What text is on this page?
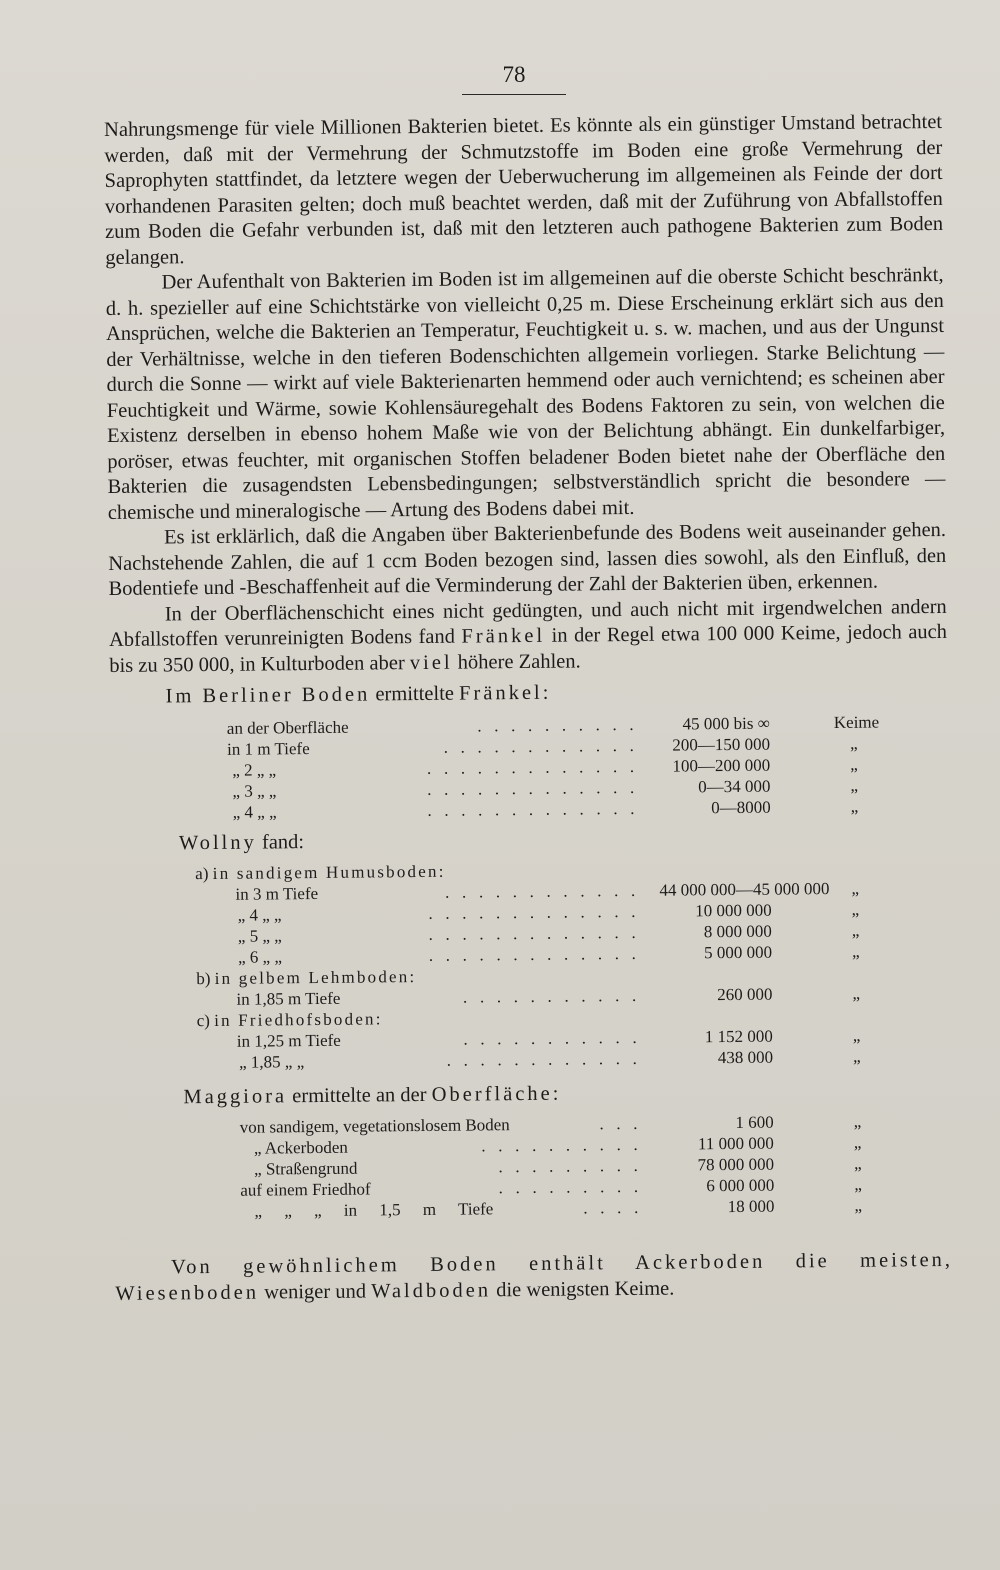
78

Nahrungsmenge für viele Millionen Bakterien bietet. Es könnte als ein günstiger Umstand betrachtet werden, daß mit der Vermehrung der Schmutzstoffe im Boden eine große Vermehrung der Saprophyten stattfindet, da letztere wegen der Ueberwucherung im allgemeinen als Feinde der dort vorhandenen Parasiten gelten; doch muß beachtet werden, daß mit der Zuführung von Abfallstoffen zum Boden die Gefahr verbunden ist, daß mit den letzteren auch pathogene Bakterien zum Boden gelangen.

Der Aufenthalt von Bakterien im Boden ist im allgemeinen auf die oberste Schicht beschränkt, d. h. spezieller auf eine Schichtstärke von vielleicht 0,25 m. Diese Erscheinung erklärt sich aus den Ansprüchen, welche die Bakterien an Temperatur, Feuchtigkeit u. s. w. machen, und aus der Ungunst der Verhältnisse, welche in den tieferen Bodenschichten allgemein vorliegen. Starke Belichtung — durch die Sonne — wirkt auf viele Bakterienarten hemmend oder auch vernichtend; es scheinen aber Feuchtigkeit und Wärme, sowie Kohlensäuregehalt des Bodens Faktoren zu sein, von welchen die Existenz derselben in ebenso hohem Maße wie von der Belichtung abhängt. Ein dunkelfarbiger, poröser, etwas feuchter, mit organischen Stoffen beladener Boden bietet nahe der Oberfläche den Bakterien die zusagendsten Lebensbedingungen; selbstverständlich spricht die besondere — chemische und mineralogische — Artung des Bodens dabei mit.

Es ist erklärlich, daß die Angaben über Bakterienbefunde des Bodens weit auseinander gehen. Nachstehende Zahlen, die auf 1 ccm Boden bezogen sind, lassen dies sowohl, als den Einfluß, den Bodentiefe und -Beschaffenheit auf die Verminderung der Zahl der Bakterien üben, erkennen.

In der Oberflächenschicht eines nicht gedüngten, und auch nicht mit irgendwelchen andern Abfallstoffen verunreinigten Bodens fand Fränkel in der Regel etwa 100 000 Keime, jedoch auch bis zu 350 000, in Kulturboden aber viel höhere Zahlen.

Im Berliner Boden ermittelte Fränkel:
an der Oberfläche	. . . . . . . . . .	45 000 bis ∞	Keime
in 1 m Tiefe	. . . . . . . . . . . . 200—150 000	„
„ 2 „ „	. . . . . . . . . . . . . 100—200 000	„
„ 3 „ „	. . . . . . . . . . . . .	0—34 000	„
„ 4 „ „	. . . . . . . . . . . . .	0—8000	„
Wollny fand:
a) in sandigem Humusboden:
in 3 m Tiefe	. . . . . . . . . . . . 44 000 000—45 000 000 „
„ 4 „ „	. . . . . . . . . . . . .	10 000 000	„
„ 5 „ „	. . . . . . . . . . . . .	8 000 000	„
„ 6 „ „	. . . . . . . . . . . . .	5 000 000	„
b) in gelbem Lehmboden:
in 1,85 m Tiefe	. . . . . . . . . . .	260 000	„
c) in Friedhofsboden:
in 1,25 m Tiefe	. . . . . . . . . . .	1 152 000	„
„ 1,85 „ „	. . . . . . . . . . . .	438 000	„
Maggiora ermittelte an der Oberfläche:
von sandigem, vegetationslosem Boden	. . .	1 600	„
„ Ackerboden	. . . . . . . . . .	11 000 000	„
„ Straßengrund	. . . . . . . . .	78 000 000	„
auf einem Friedhof	. . . . . . . . .	6 000 000	„
„ „ „ in 1,5 m Tiefe	. . . .	18 000	„

Von gewöhnlichem Boden enthält Ackerboden die meisten, Wiesenboden weniger und Waldboden die wenigsten Keime.
